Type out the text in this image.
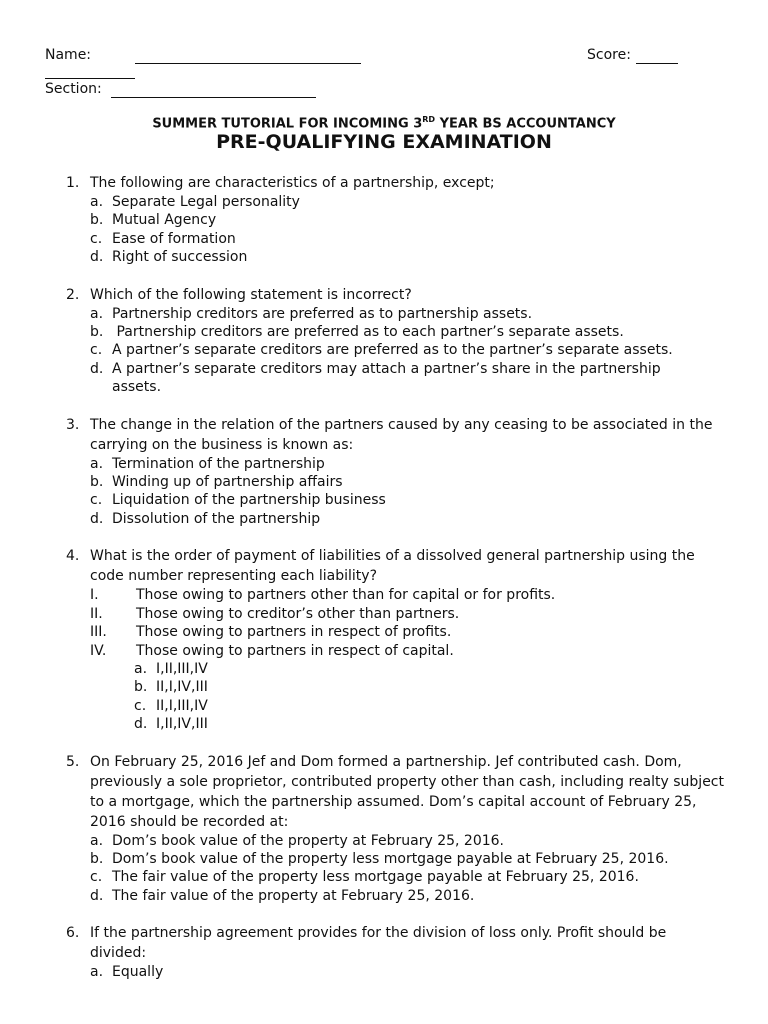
Name:	Score:
Section:
SUMMER TUTORIAL FOR INCOMING 3RD YEAR BS ACCOUNTANCY
PRE-QUALIFYING EXAMINATION
1. The following are characteristics of a partnership, except;
a. Separate Legal personality
b. Mutual Agency
c. Ease of formation
d. Right of succession
2. Which of the following statement is incorrect?
a. Partnership creditors are preferred as to partnership assets.
b. Partnership creditors are preferred as to each partner’s separate assets.
c. A partner’s separate creditors are preferred as to the partner’s separate assets.
d. A partner’s separate creditors may attach a partner’s share in the partnership assets.
3. The change in the relation of the partners caused by any ceasing to be associated in the carrying on the business is known as:
a. Termination of the partnership
b. Winding up of partnership affairs
c. Liquidation of the partnership business
d. Dissolution of the partnership
4. What is the order of payment of liabilities of a dissolved general partnership using the code number representing each liability?
I.	Those owing to partners other than for capital or for profits.
II.	Those owing to creditor’s other than partners.
III.	Those owing to partners in respect of profits.
IV.	Those owing to partners in respect of capital.
a. I,II,III,IV
b. II,I,IV,III
c. II,I,III,IV
d. I,II,IV,III
5. On February 25, 2016 Jef and Dom formed a partnership. Jef contributed cash. Dom, previously a sole proprietor, contributed property other than cash, including realty subject to a mortgage, which the partnership assumed. Dom’s capital account of February 25, 2016 should be recorded at:
a. Dom’s book value of the property at February 25, 2016.
b. Dom’s book value of the property less mortgage payable at February 25, 2016.
c. The fair value of the property less mortgage payable at February 25, 2016.
d. The fair value of the property at February 25, 2016.
6. If the partnership agreement provides for the division of loss only. Profit should be divided:
a. Equally
